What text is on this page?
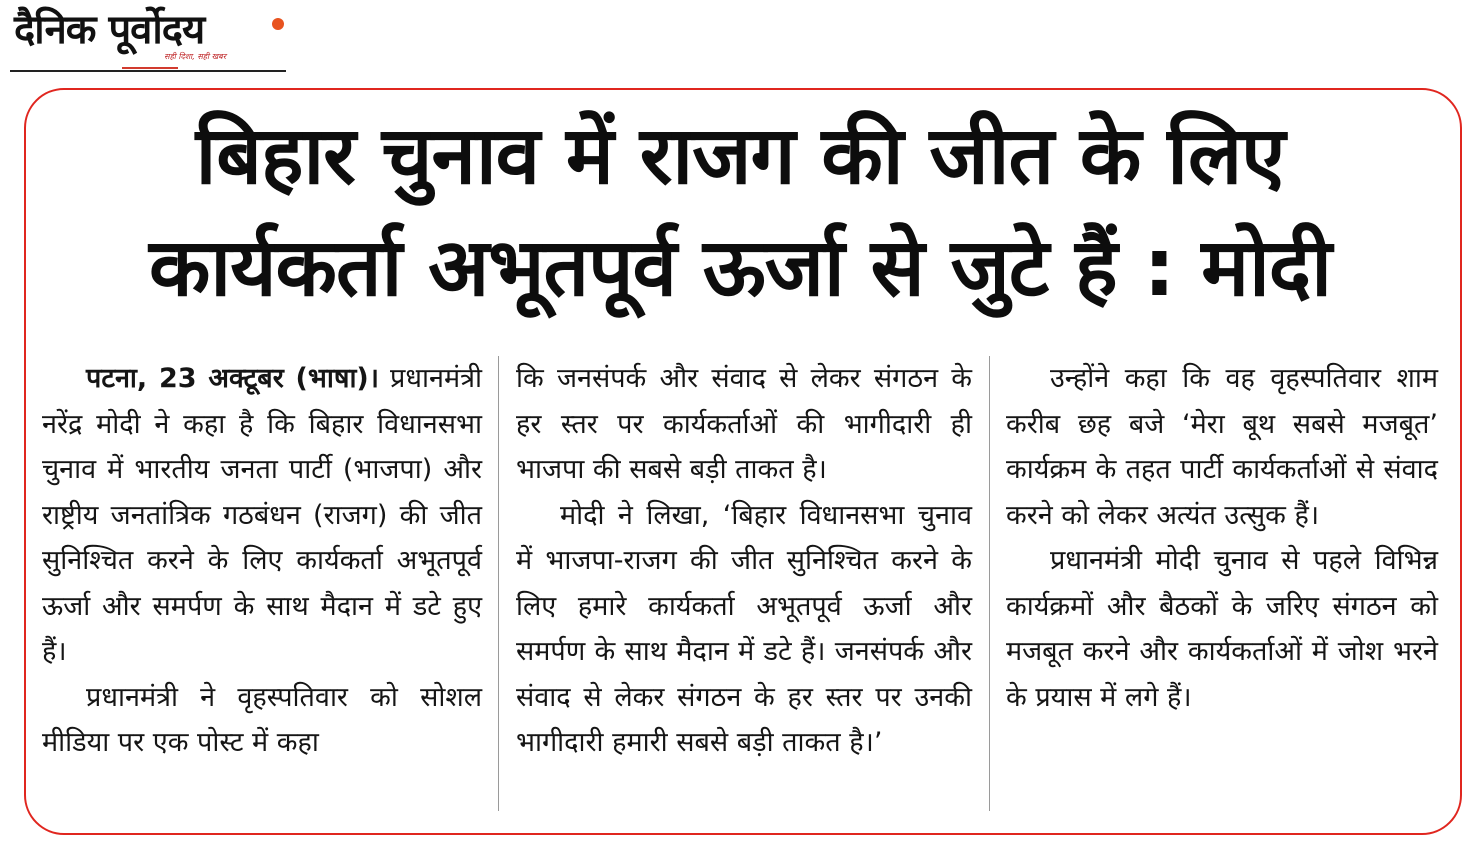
दैनिक पूर्वोदय
सही दिशा, सही खबर
बिहार चुनाव में राजग की जीत के लिए
कार्यकर्ता अभूतपूर्व ऊर्जा से जुटे हैं : मोदी

पटना, 23 अक्टूबर (भाषा)। प्रधानमंत्री नरेंद्र मोदी ने कहा है कि बिहार विधानसभा चुनाव में भारतीय जनता पार्टी (भाजपा) और राष्ट्रीय जनतांत्रिक गठबंधन (राजग) की जीत सुनिश्चित करने के लिए कार्यकर्ता अभूतपूर्व ऊर्जा और समर्पण के साथ मैदान में डटे हुए हैं।

प्रधानमंत्री ने वृहस्पतिवार को सोशल मीडिया पर एक पोस्ट में कहा

कि जनसंपर्क और संवाद से लेकर संगठन के हर स्तर पर कार्यकर्ताओं की भागीदारी ही भाजपा की सबसे बड़ी ताकत है।

मोदी ने लिखा, ‘बिहार विधानसभा चुनाव में भाजपा-राजग की जीत सुनिश्चित करने के लिए हमारे कार्यकर्ता अभूतपूर्व ऊर्जा और समर्पण के साथ मैदान में डटे हैं। जनसंपर्क और संवाद से लेकर संगठन के हर स्तर पर उनकी भागीदारी हमारी सबसे बड़ी ताकत है।’

उन्होंने कहा कि वह वृहस्पतिवार शाम करीब छह बजे ‘मेरा बूथ सबसे मजबूत’ कार्यक्रम के तहत पार्टी कार्यकर्ताओं से संवाद करने को लेकर अत्यंत उत्सुक हैं।

प्रधानमंत्री मोदी चुनाव से पहले विभिन्न कार्यक्रमों और बैठकों के जरिए संगठन को मजबूत करने और कार्यकर्ताओं में जोश भरने के प्रयास में लगे हैं।
